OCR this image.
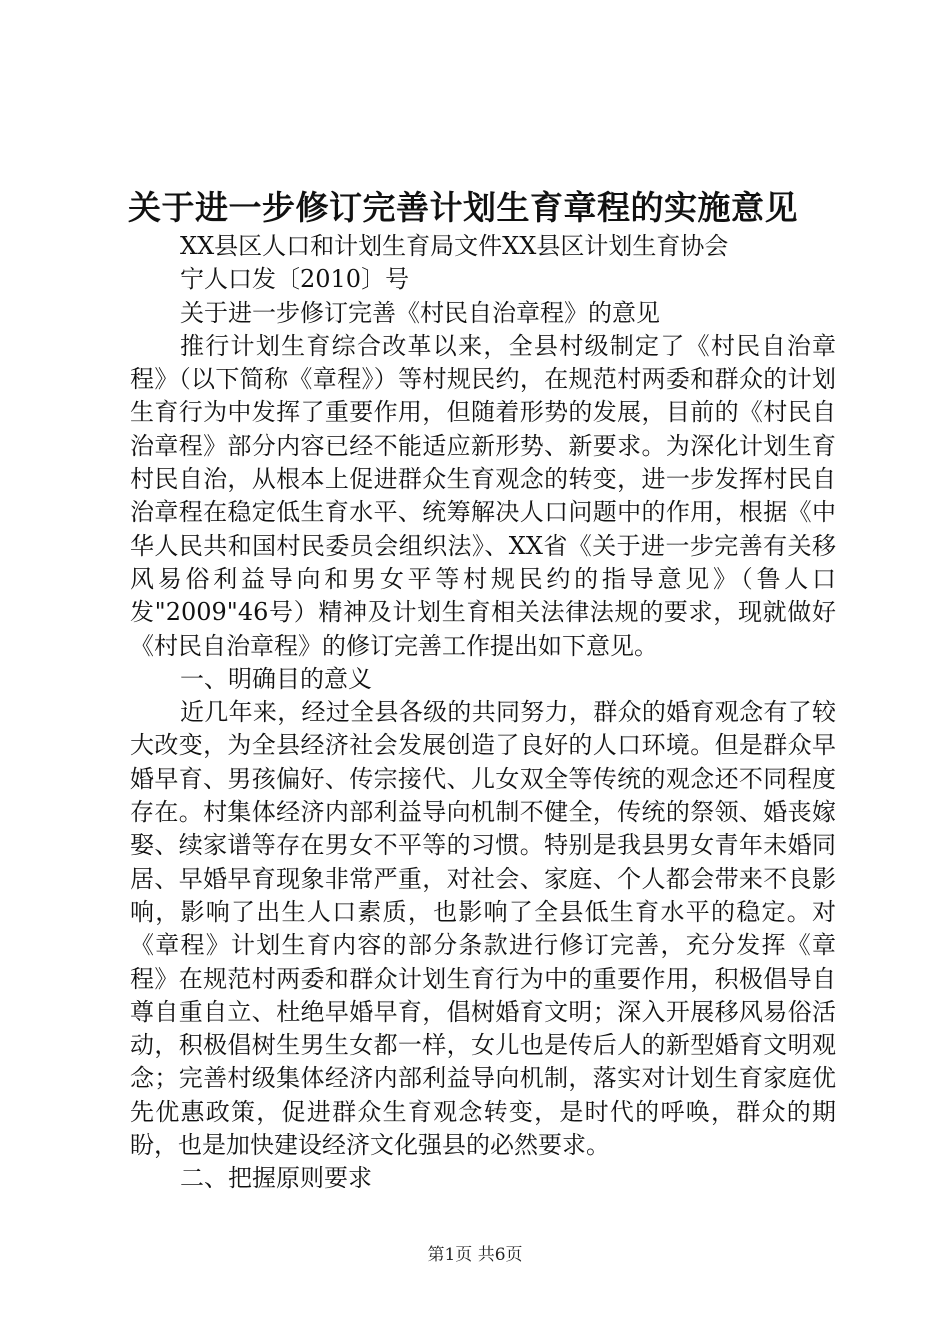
关于进一步修订完善计划生育章程的实施意见
XX县区人口和计划生育局文件XX县区计划生育协会
宁人口发〔2010〕号
关于进一步修订完善《村民自治章程》的意见

推行计划生育综合改革以来，全县村级制定了《村民自治章程》（以下简称《章程》）等村规民约，在规范村两委和群众的计划生育行为中发挥了重要作用，但随着形势的发展，目前的《村民自治章程》部分内容已经不能适应新形势、新要求。为深化计划生育村民自治，从根本上促进群众生育观念的转变，进一步发挥村民自治章程在稳定低生育水平、统筹解决人口问题中的作用，根据《中华人民共和国村民委员会组织法》、XX省《关于进一步完善有关移风易俗利益导向和男女平等村规民约的指导意见》（鲁人口发"2009"46号）精神及计划生育相关法律法规的要求，现就做好《村民自治章程》的修订完善工作提出如下意见。

一、明确目的意义

近几年来，经过全县各级的共同努力，群众的婚育观念有了较大改变，为全县经济社会发展创造了良好的人口环境。但是群众早婚早育、男孩偏好、传宗接代、儿女双全等传统的观念还不同程度存在。村集体经济内部利益导向机制不健全，传统的祭领、婚丧嫁娶、续家谱等存在男女不平等的习惯。特别是我县男女青年未婚同居、早婚早育现象非常严重，对社会、家庭、个人都会带来不良影响，影响了出生人口素质，也影响了全县低生育水平的稳定。对《章程》计划生育内容的部分条款进行修订完善，充分发挥《章程》在规范村两委和群众计划生育行为中的重要作用，积极倡导自尊自重自立、杜绝早婚早育，倡树婚育文明；深入开展移风易俗活动，积极倡树生男生女都一样，女儿也是传后人的新型婚育文明观念；完善村级集体经济内部利益导向机制，落实对计划生育家庭优先优惠政策，促进群众生育观念转变，是时代的呼唤，群众的期盼，也是加快建设经济文化强县的必然要求。

二、把握原则要求

第1页 共6页
